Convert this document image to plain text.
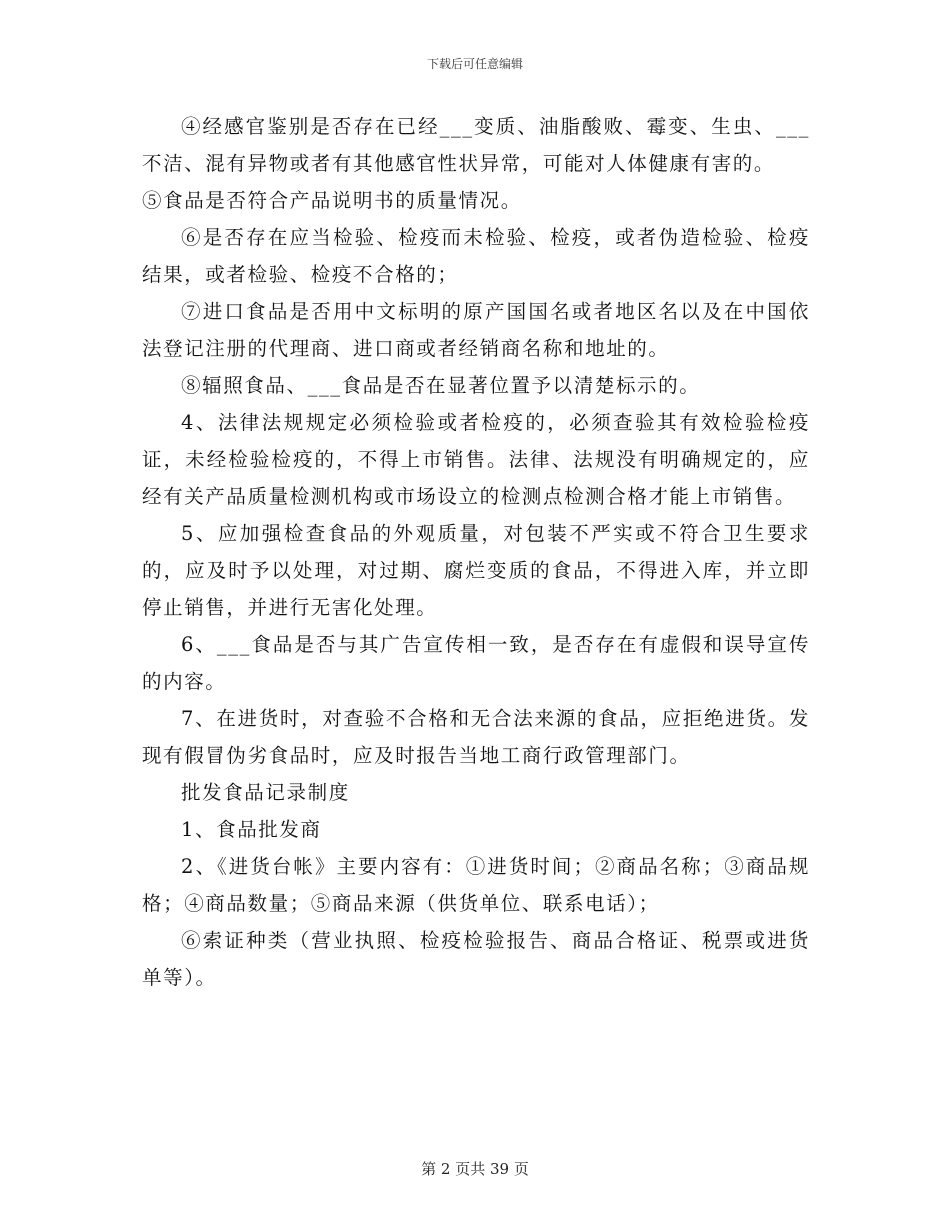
下载后可任意编辑

④经感官鉴别是否存在已经___变质、油脂酸败、霉变、生虫、___不洁、混有异物或者有其他感官性状异常，可能对人体健康有害的。

⑤食品是否符合产品说明书的质量情况。

⑥是否存在应当检验、检疫而未检验、检疫，或者伪造检验、检疫结果，或者检验、检疫不合格的；

⑦进口食品是否用中文标明的原产国国名或者地区名以及在中国依法登记注册的代理商、进口商或者经销商名称和地址的。

⑧辐照食品、___食品是否在显著位置予以清楚标示的。

4、法律法规规定必须检验或者检疫的，必须查验其有效检验检疫证，未经检验检疫的，不得上市销售。法律、法规没有明确规定的，应经有关产品质量检测机构或市场设立的检测点检测合格才能上市销售。

5、应加强检查食品的外观质量，对包装不严实或不符合卫生要求的，应及时予以处理，对过期、腐烂变质的食品，不得进入库，并立即停止销售，并进行无害化处理。

6、___食品是否与其广告宣传相一致，是否存在有虚假和误导宣传的内容。

7、在进货时，对查验不合格和无合法来源的食品，应拒绝进货。发现有假冒伪劣食品时，应及时报告当地工商行政管理部门。

批发食品记录制度

1、食品批发商

2、《进货台帐》主要内容有：①进货时间；②商品名称；③商品规格；④商品数量；⑤商品来源（供货单位、联系电话）；

⑥索证种类（营业执照、检疫检验报告、商品合格证、税票或进货单等）。

第 2 页共 39 页
